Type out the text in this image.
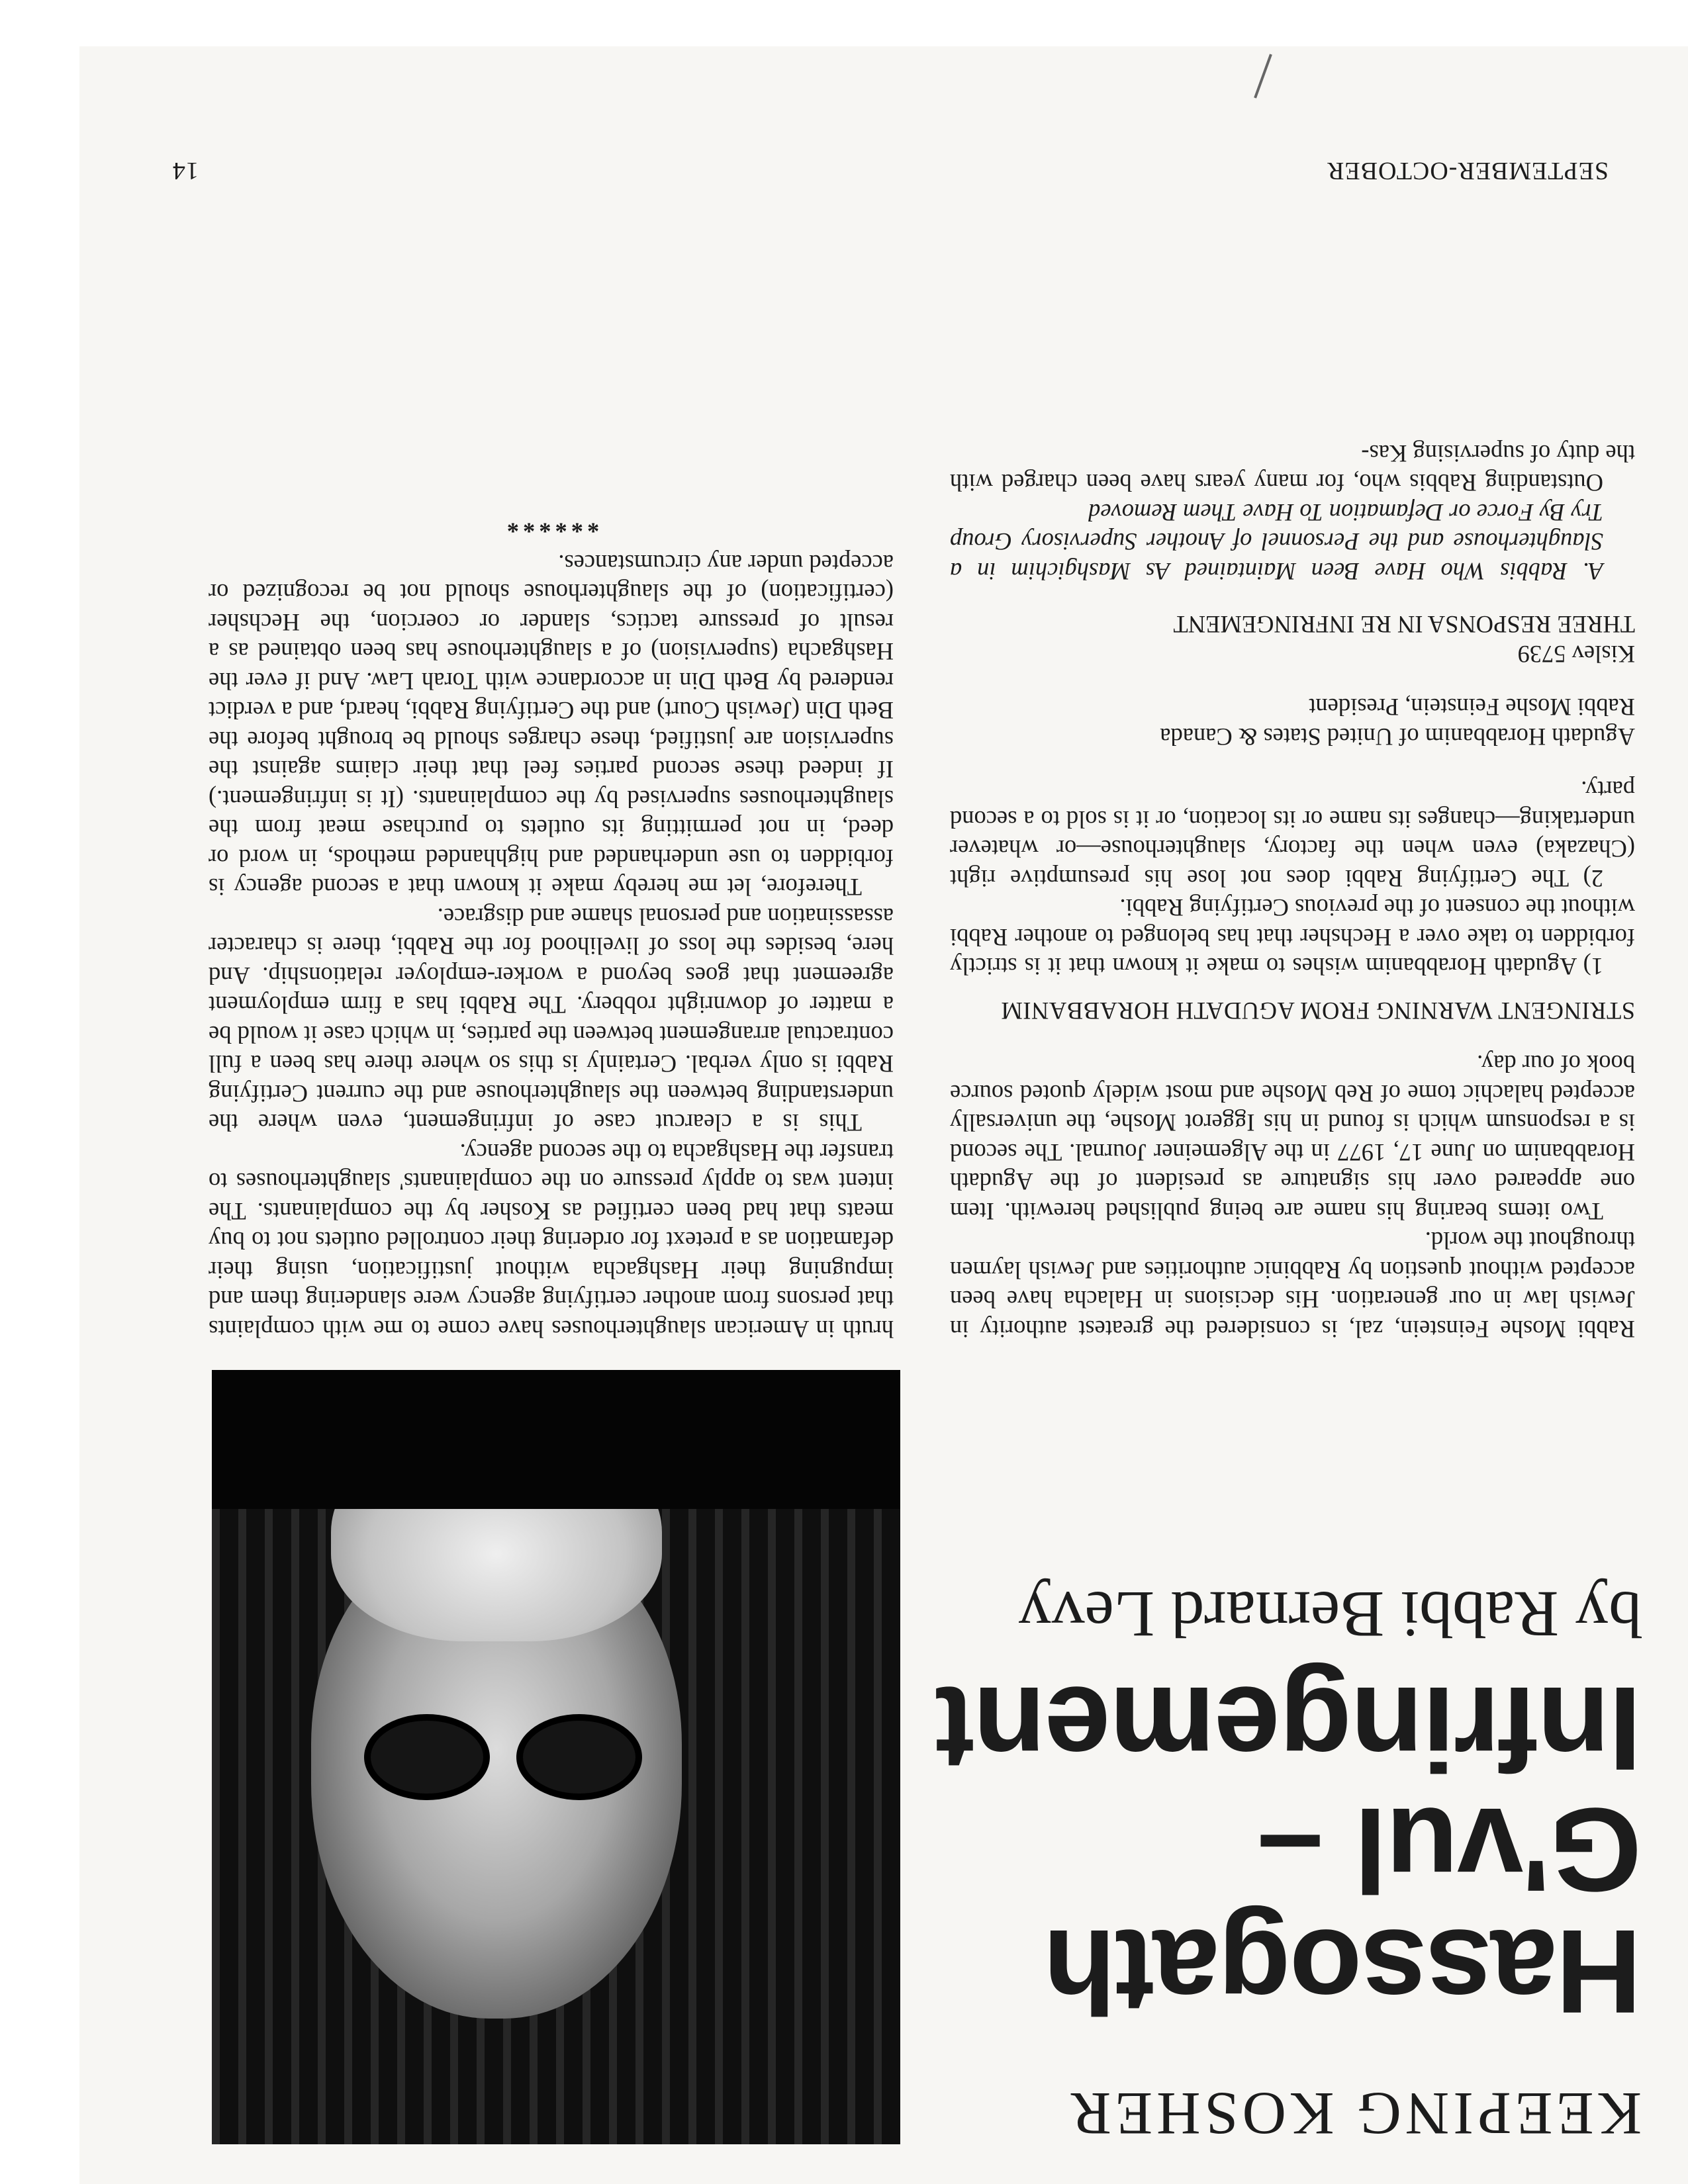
KEEPING KOSHER
Hassogath G'vul – Infringement
by Rabbi Bernard Levy

Rabbi Moshe Feinstein, zal, is considered the greatest authority in Jewish law in our generation. His decisions in Halacha have been accepted without question by Rabbinic authorities and Jewish laymen throughout the world.

Two items bearing his name are being published herewith. Item one appeared over his signature as president of the Agudath Horabbanim on June 17, 1977 in the Algemeiner Journal. The second is a responsum which is found in his Iggerot Moshe, the universally accepted halachic tome of Reb Moshe and most widely quoted source book of our day.

STRINGENT WARNING FROM AGUDATH HORABBANIM

1) Agudath Horabbanim wishes to make it known that it is strictly forbidden to take over a Hechsher that has belonged to another Rabbi without the consent of the previous Certifying Rabbi.

2) The Certifying Rabbi does not lose his presumptive right (Chazaka) even when the factory, slaughterhouse—or whatever undertaking—changes its name or its location, or it is sold to a second party.

Agudath Horabbanim of United States & Canada

Rabbi Moshe Feinstein, President

Kislev 5739

THREE RESPONSA IN RE INFRINGEMENT

A. Rabbis Who Have Been Maintained As Mashgichim in a Slaughterhouse and the Personnel of Another Supervisory Group Try By Force or Defamation To Have Them Removed

Outstanding Rabbis who, for many years have been charged with the duty of supervising Kas-

hruth in American slaughterhouses have come to me with complaints that persons from another certifying agency were slandering them and impugning their Hashgacha without justification, using their defamation as a pretext for ordering their controlled outlets not to buy meats that had been certified as Kosher by the complainants. The intent was to apply pressure on the complainants' slaughterhouses to transfer the Hashgacha to the second agency.

This is a clearcut case of infringement, even where the understanding between the slaughterhouse and the current Certifying Rabbi is only verbal. Certainly is this so where there has been a full contractual arrangement between the parties, in which case it would be a matter of downright robbery. The Rabbi has a firm employment agreement that goes beyond a worker-employer relationship. And here, besides the loss of livelihood for the Rabbi, there is character assassination and personal shame and disgrace.

Therefore, let me hereby make it known that a second agency is forbidden to use underhanded and highhanded methods, in word or deed, in not permitting its outlets to purchase meat from the slaughterhouses supervised by the complainants. (It is infringement.) If indeed these second parties feel that their claims against the supervision are justified, these charges should be brought before the Beth Din (Jewish Court) and the Certifying Rabbi, heard, and a verdict rendered by Beth Din in accordance with Torah Law. And if ever the Hashgacha (supervision) of a slaughterhouse has been obtained as a result of pressure tactics, slander or coercion, the Hechsher (certification) of the slaughterhouse should not be recognized or accepted under any circumstances.

******

SEPTEMBER-OCTOBER
14
